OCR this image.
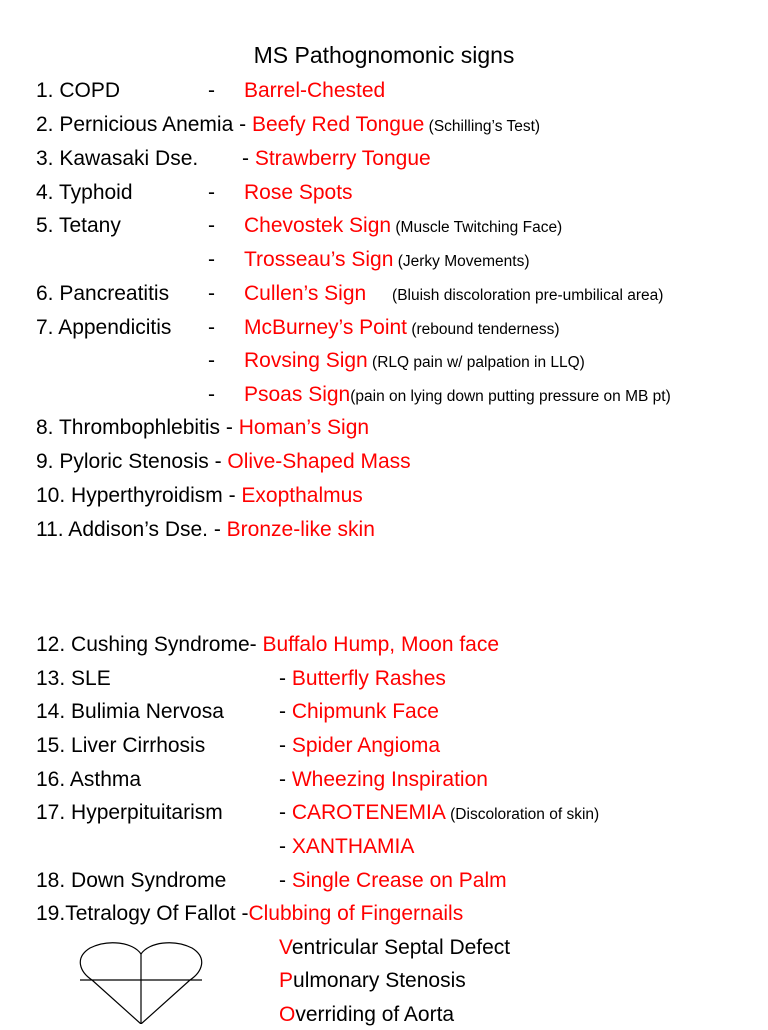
MS Pathognomonic signs
1. COPD	- Barrel-Chested
2. Pernicious Anemia - Beefy Red Tongue (Schilling’s Test)
3. Kawasaki Dse. - Strawberry Tongue
4. Typhoid	- Rose Spots
5. Tetany	- Chevostek Sign (Muscle Twitching Face)
- Trosseau’s Sign (Jerky Movements)
6. Pancreatitis - Cullen’s Sign      (Bluish discoloration pre-umbilical area)
7. Appendicitis - McBurney’s Point (rebound tenderness)
- Rovsing Sign (RLQ pain w/ palpation in LLQ)
- Psoas Sign(pain on lying down putting pressure on MB pt)
8. Thrombophlebitis - Homan’s Sign
9. Pyloric Stenosis - Olive-Shaped Mass
10. Hyperthyroidism - Exopthalmus
11. Addison’s Dse. - Bronze-like skin
12. Cushing Syndrome- Buffalo Hump, Moon face
13. SLE	- Butterfly Rashes
14. Bulimia Nervosa	- Chipmunk Face
15. Liver Cirrhosis	- Spider Angioma
16. Asthma	- Wheezing Inspiration
17. Hyperpituitarism	- CAROTENEMIA (Discoloration of skin)
- XANTHAMIA
18. Down Syndrome	- Single Crease on Palm
19.Tetralogy Of Fallot -Clubbing of Fingernails
Ventricular Septal Defect
Pulmonary Stenosis
Overriding of Aorta
